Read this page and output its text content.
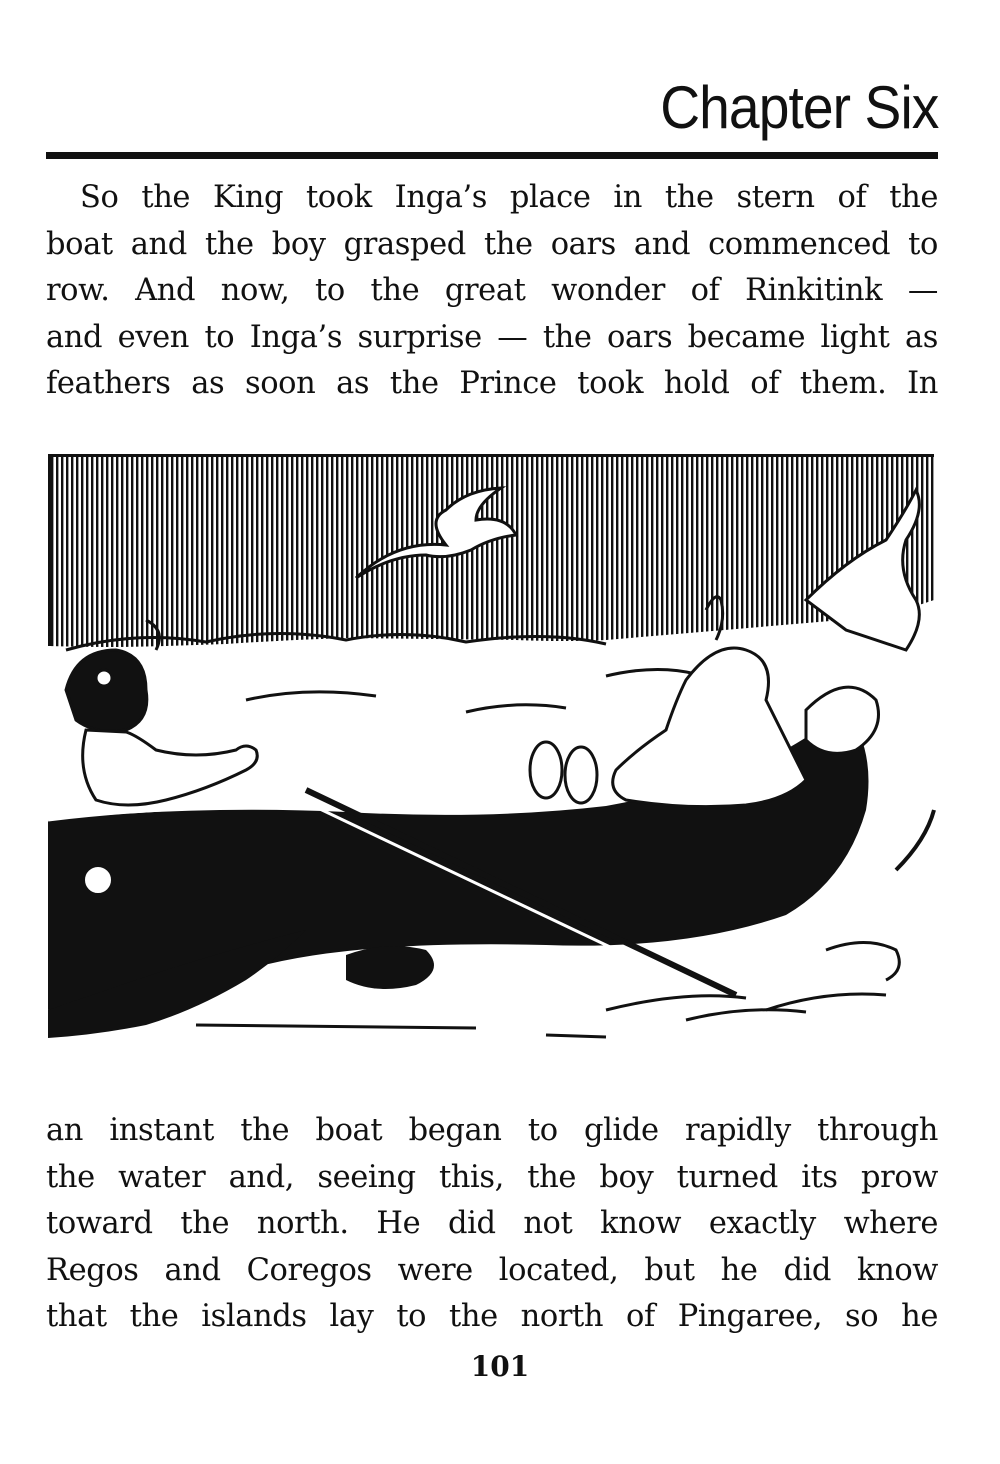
Chapter Six

So the King took Inga’s place in the stern of the
boat and the boy grasped the oars and commenced to
row. And now, to the great wonder of Rinkitink —
and even to Inga’s surprise — the oars became light as
feathers as soon as the Prince took hold of them. In

an instant the boat began to glide rapidly through
the water and, seeing this, the boy turned its prow
toward the north. He did not know exactly where
Regos and Coregos were located, but he did know
that the islands lay to the north of Pingaree, so he

101
